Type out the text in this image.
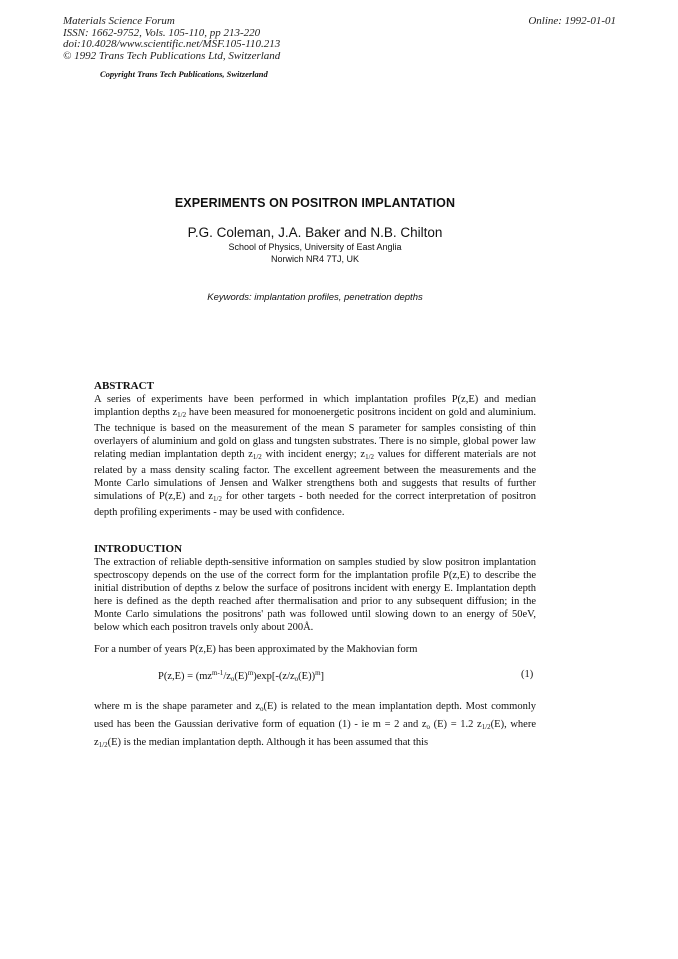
Materials Science Forum
ISSN: 1662-9752, Vols. 105-110, pp 213-220
doi:10.4028/www.scientific.net/MSF.105-110.213
© 1992 Trans Tech Publications Ltd, Switzerland
Online: 1992-01-01
Copyright Trans Tech Publications, Switzerland
EXPERIMENTS ON POSITRON IMPLANTATION
P.G. Coleman, J.A. Baker and N.B. Chilton
School of Physics, University of East Anglia
Norwich NR4 7TJ, UK
Keywords: implantation profiles, penetration depths

ABSTRACT

A series of experiments have been performed in which implantation profiles P(z,E) and median implantion depths $z_{1/2}$ have been measured for monoenergetic positrons incident on gold and aluminium. The technique is based on the measurement of the mean S parameter for samples consisting of thin overlayers of aluminium and gold on glass and tungsten substrates. There is no simple, global power law relating median implantation depth $z_{1/2}$ with incident energy; $z_{1/2}$ values for different materials are not related by a mass density scaling factor. The excellent agreement between the measurements and the Monte Carlo simulations of Jensen and Walker strengthens both and suggests that results of further simulations of P(z,E) and $z_{1/2}$ for other targets - both needed for the correct interpretation of positron depth profiling experiments - may be used with confidence.

INTRODUCTION

The extraction of reliable depth-sensitive information on samples studied by slow positron implantation spectroscopy depends on the use of the correct form for the implantation profile P(z,E) to describe the initial distribution of depths z below the surface of positrons incident with energy E. Implantation depth here is defined as the depth reached after thermalisation and prior to any subsequent diffusion; in the Monte Carlo simulations the positrons' path was followed until slowing down to an energy of 50eV, below which each positron travels only about 200Å.

For a number of years P(z,E) has been approximated by the Makhovian form

$P(z,E) = (mz^{m-1}/z_o(E)^m)\exp[-(z/z_o(E))^m]$	(1)

where m is the shape parameter and $z_o(E)$ is related to the mean implantation depth. Most commonly used has been the Gaussian derivative form of equation (1) - ie m = 2 and $z_o$ (E) = 1.2 $z_{1/2}(E)$, where $z_{1/2}(E)$ is the median implantation depth. Although it has been assumed that this
